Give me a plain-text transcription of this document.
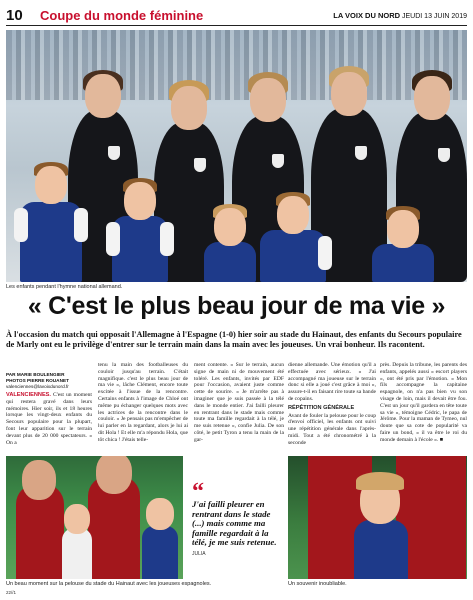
10 Coupe du monde féminine	LA VOIX DU NORD JEUDI 13 JUIN 2019
Les enfants pendant l'hymne national allemand.
« C'est le plus beau jour de ma vie »

À l'occasion du match qui opposait l'Allemagne à l'Espagne (1-0) hier soir au stade du Hainaut, des enfants du Secours populaire de Marly ont eu le privilège d'entrer sur le terrain main dans la main avec les joueuses. Un vrai bonheur. Ils racontent.

PAR MARIE BOULENGIER
PHOTOS PIERRE ROUANET
valenciennes@lavoixdunord.fr
VALENCIENNES. C'est un moment qui restera gravé dans leurs mémoires. Hier soir, ils et 18 heures lorsque les vingt-deux enfants du Secours populaire pour la plupart, font leur apparition sur le terrain devant plus de 20 000 spectateurs. « On a
tenu la main des footballeuses du couloir jusqu'au terrain. C'était magnifique. c'est le plus beau jour de ma vie », lâche Clément, encore toute excitée à l'issue de la rencontre. Certains enfants à l'image de Chloé ont même pu échanger quelques mots avec les actrices de la rencontre dans le couloir. « Je pensais pas m'empêcher de lui parler en la regardant, alors je lui ai dit Hola ! Et elle m'a répondu Hola, que tôt chica ! J'étais telle-
ment contente. » Sur le terrain, aucun signe de main ni de mouvement été toléré. Les enfants, invités par EDF pour l'occasion, avaient juste comme cette de sourire. « Je m'arrête pas à imaginer que je suis passée à la télé dans le monde entier. J'ai failli pleurer en rentrant dans le stade mais comme toute ma famille regardait à la télé, je me suis retenue », confie Julia. De son côté, le petit Tyron a tenu la main de la gar-
dienne allemande. Une émotion qu'il a effectuée avec sérieux. « J'ai accompagné ma joueuse sur le terrain donc si elle a joué c'est grâce à moi », assure-t-il en faisant rire toute sa bande de copains.
RÉPÉTITION GÉNÉRALE
Avant de fouler la pelouse pour le coup d'envoi officiel, les enfants ont suivi une répétition générale dans l'après-midi. Tout a été chronométré à la seconde
près. Depuis la tribune, les parents des enfants, appelés aussi « escort players », ont été pris par l'émotion. « Mon fils accompagne la capitaine espagnole, on n'a pas bien vu son visage de loin, mais il devait être fou. C'est un jour qu'il gardera en tête toute sa vie », témoigne Cédric, le papa de Jérôme. Pour la maman de Tymeo, nul doute que sa cote de popularité va faire un bond, « il va être le roi du monde demain à l'école ». ■
Un beau moment sur la pelouse du stade du Hainaut avec les joueuses espagnoles.
“
J'ai failli pleurer en rentrant dans le stade (...) mais comme ma famille regardait à la télé, je me suis retenue.
JULIA
Un souvenir inoubliable.
22//1
